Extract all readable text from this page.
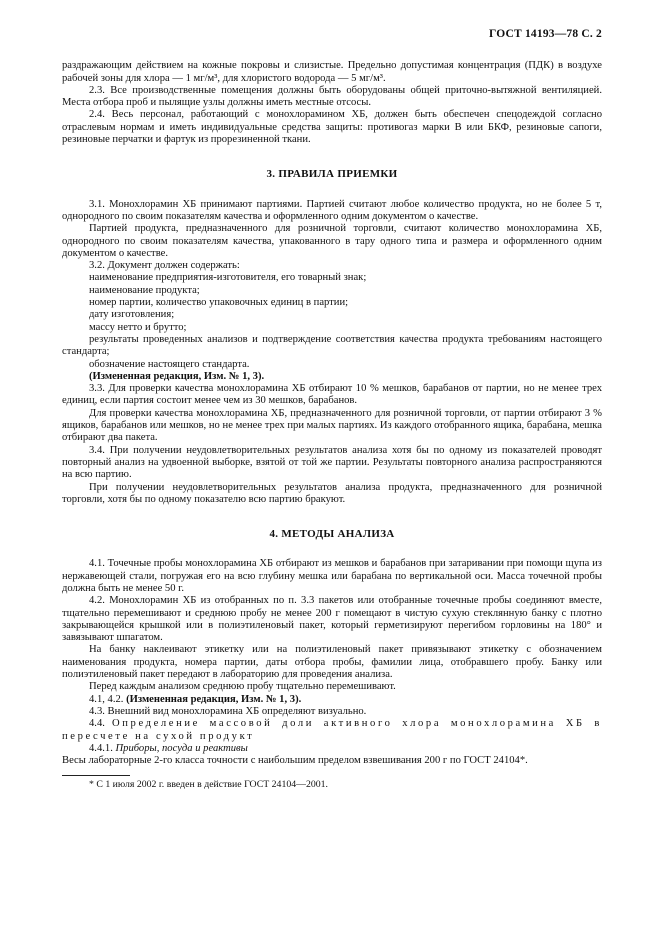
ГОСТ 14193—78 С. 2

раздражающим действием на кожные покровы и слизистые. Предельно допустимая концентрация (ПДК) в воздухе рабочей зоны для хлора — 1 мг/м³, для хлористого водорода — 5 мг/м³.

2.3. Все производственные помещения должны быть оборудованы общей приточно-вытяжной вентиляцией. Места отбора проб и пылящие узлы должны иметь местные отсосы.

2.4. Весь персонал, работающий с монохлорамином ХБ, должен быть обеспечен спецодеждой согласно отраслевым нормам и иметь индивидуальные средства защиты: противогаз марки В или БКФ, резиновые сапоги, резиновые перчатки и фартук из прорезиненной ткани.

3. ПРАВИЛА ПРИЕМКИ

3.1. Монохлорамин ХБ принимают партиями. Партией считают любое количество продукта, но не более 5 т, однородного по своим показателям качества и оформленного одним документом о качестве.

Партией продукта, предназначенного для розничной торговли, считают количество монохлорамина ХБ, однородного по своим показателям качества, упакованного в тару одного типа и размера и оформленного одним документом о качестве.

3.2. Документ должен содержать:

наименование предприятия-изготовителя, его товарный знак;

наименование продукта;

номер партии, количество упаковочных единиц в партии;

дату изготовления;

массу нетто и брутто;

результаты проведенных анализов и подтверждение соответствия качества продукта требованиям настоящего стандарта;

обозначение настоящего стандарта.

(Измененная редакция, Изм. № 1, 3).

3.3. Для проверки качества монохлорамина ХБ отбирают 10 % мешков, барабанов от партии, но не менее трех единиц, если партия состоит менее чем из 30 мешков, барабанов.

Для проверки качества монохлорамина ХБ, предназначенного для розничной торговли, от партии отбирают 3 % ящиков, барабанов или мешков, но не менее трех при малых партиях. Из каждого отобранного ящика, барабана, мешка отбирают два пакета.

3.4. При получении неудовлетворительных результатов анализа хотя бы по одному из показателей проводят повторный анализ на удвоенной выборке, взятой от той же партии. Результаты повторного анализа распространяются на всю партию.

При получении неудовлетворительных результатов анализа продукта, предназначенного для розничной торговли, хотя бы по одному показателю всю партию бракуют.

4. МЕТОДЫ АНАЛИЗА

4.1. Точечные пробы монохлорамина ХБ отбирают из мешков и барабанов при затаривании при помощи щупа из нержавеющей стали, погружая его на всю глубину мешка или барабана по вертикальной оси. Масса точечной пробы должна быть не менее 50 г.

4.2. Монохлорамин ХБ из отобранных по п. 3.3 пакетов или отобранные точечные пробы соединяют вместе, тщательно перемешивают и среднюю пробу не менее 200 г помещают в чистую сухую стеклянную банку с плотно закрывающейся крышкой или в полиэтиленовый пакет, который герметизируют перегибом горловины на 180° и завязывают шпагатом.

На банку наклеивают этикетку или на полиэтиленовый пакет привязывают этикетку с обозначением наименования продукта, номера партии, даты отбора пробы, фамилии лица, отобравшего пробу. Банку или полиэтиленовый пакет передают в лабораторию для проведения анализа.

Перед каждым анализом среднюю пробу тщательно перемешивают.

4.1, 4.2. (Измененная редакция, Изм. № 1, 3).

4.3. Внешний вид монохлорамина ХБ определяют визуально.

4.4. Определение массовой доли активного хлора монохлорамина ХБ в пересчете на сухой продукт

4.4.1. Приборы, посуда и реактивы

Весы лабораторные 2-го класса точности с наибольшим пределом взвешивания 200 г по ГОСТ 24104*.

* С 1 июля 2002 г. введен в действие ГОСТ 24104—2001.
